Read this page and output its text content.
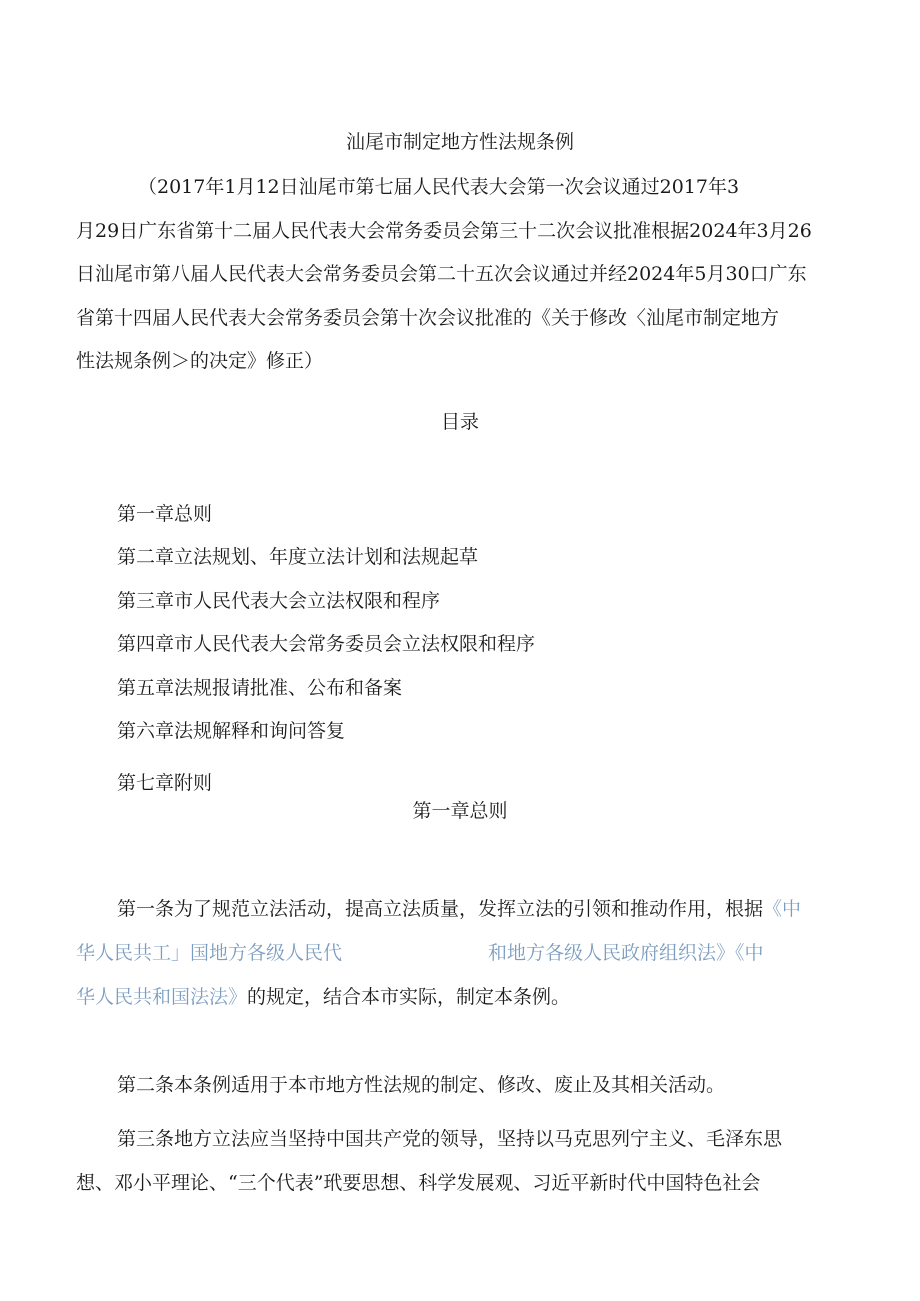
汕尾市制定地方性法规条例
（2017年1月12日汕尾市第七届人民代表大会第一次会议通过2017年3
月29日广东省第十二届人民代表大会常务委员会第三十二次会议批准根据2024年3月26
日汕尾市第八届人民代表大会常务委员会第二十五次会议通过并经2024年5月30口广东
省第十四届人民代表大会常务委员会第十次会议批准的《关于修改〈汕尾市制定地方
性法规条例＞的决定》修正）
目录
第一章总则
第二章立法规划、年度立法计划和法规起草
第三章市人民代表大会立法权限和程序
第四章市人民代表大会常务委员会立法权限和程序
第五章法规报请批准、公布和备案
第六章法规解释和询问答复
第七章附则
第一章总则
第一条为了规范立法活动，提高立法质量，发挥立法的引领和推动作用，根据《中
华人民共工」国地方各级人民代	和地方各级人民政府组织法》《中
华人民共和国法法》的规定，结合本市实际，制定本条例。
第二条本条例适用于本市地方性法规的制定、修改、废止及其相关活动。
第三条地方立法应当坚持中国共产党的领导，坚持以马克思列宁主义、毛泽东思
想、邓小平理论、“三个代表”玳要思想、科学发展观、习近平新时代中国特色社会
